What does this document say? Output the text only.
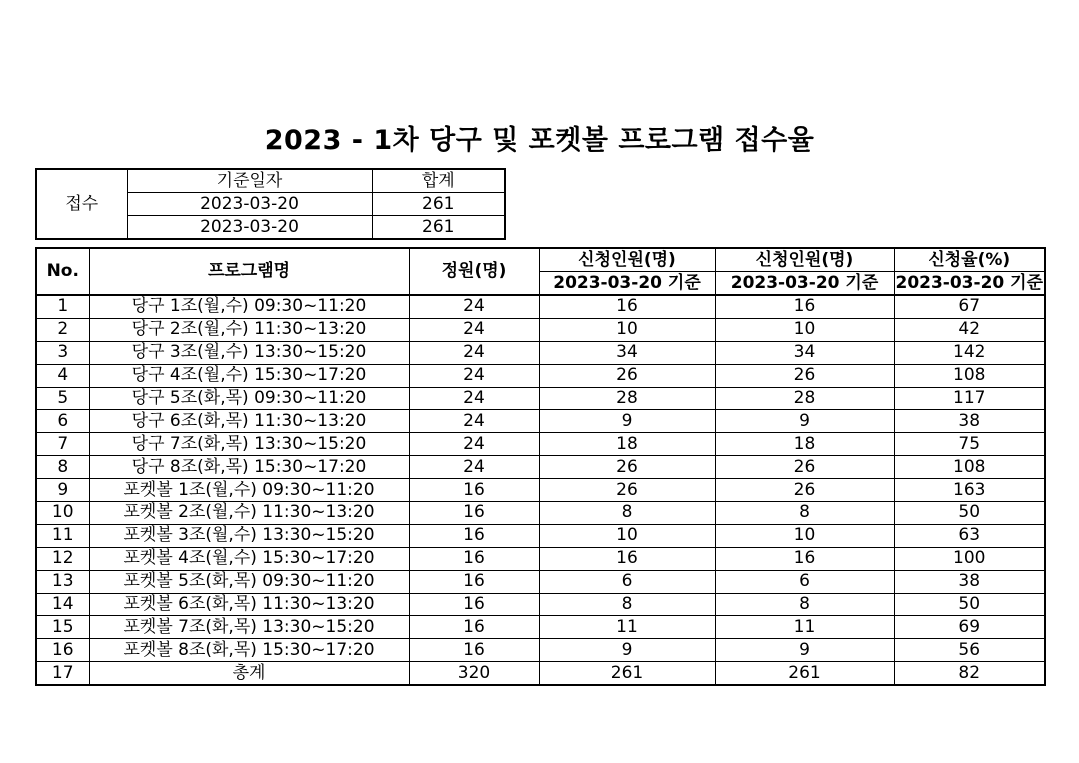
2023 - 1차 당구 및 포켓볼 프로그램 접수율
접수	기준일자	합계
	2023-03-20	261
	2023-03-20	261
No.	프로그램명	정원(명)	신청인원(명)	신청인원(명)	신청율(%)
			2023-03-20 기준	2023-03-20 기준	2023-03-20 기준
1	당구 1조(월,수) 09:30~11:20	24	16	16	67
2	당구 2조(월,수) 11:30~13:20	24	10	10	42
3	당구 3조(월,수) 13:30~15:20	24	34	34	142
4	당구 4조(월,수) 15:30~17:20	24	26	26	108
5	당구 5조(화,목) 09:30~11:20	24	28	28	117
6	당구 6조(화,목) 11:30~13:20	24	9	9	38
7	당구 7조(화,목) 13:30~15:20	24	18	18	75
8	당구 8조(화,목) 15:30~17:20	24	26	26	108
9	포켓볼 1조(월,수) 09:30~11:20	16	26	26	163
10	포켓볼 2조(월,수) 11:30~13:20	16	8	8	50
11	포켓볼 3조(월,수) 13:30~15:20	16	10	10	63
12	포켓볼 4조(월,수) 15:30~17:20	16	16	16	100
13	포켓볼 5조(화,목) 09:30~11:20	16	6	6	38
14	포켓볼 6조(화,목) 11:30~13:20	16	8	8	50
15	포켓볼 7조(화,목) 13:30~15:20	16	11	11	69
16	포켓볼 8조(화,목) 15:30~17:20	16	9	9	56
17	총계	320	261	261	82
